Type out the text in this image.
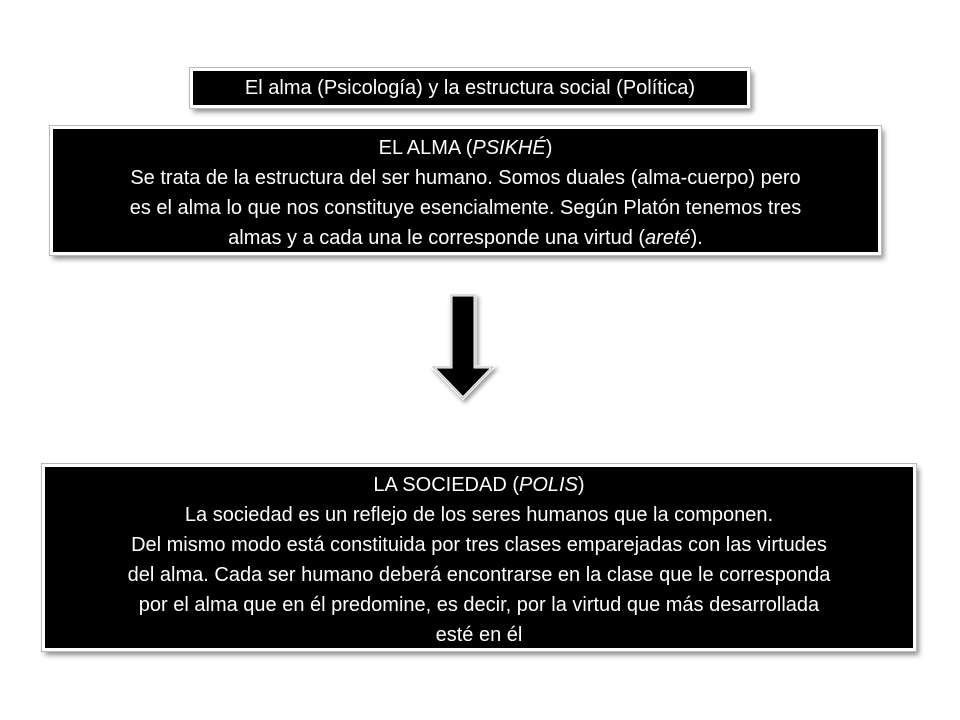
El alma (Psicología) y la estructura social (Política)
EL ALMA (PSIKHÉ)
Se trata de la estructura del ser humano. Somos duales (alma-cuerpo) pero
es el alma lo que nos constituye esencialmente. Según Platón tenemos tres
almas y a cada una le corresponde una virtud (areté).
LA SOCIEDAD (POLIS)
La sociedad es un reflejo de los seres humanos que la componen.
Del mismo modo está constituida por tres clases emparejadas con las virtudes
del alma. Cada ser humano deberá encontrarse en la clase que le corresponda
por el alma que en él predomine, es decir, por la virtud que más desarrollada
esté en él
